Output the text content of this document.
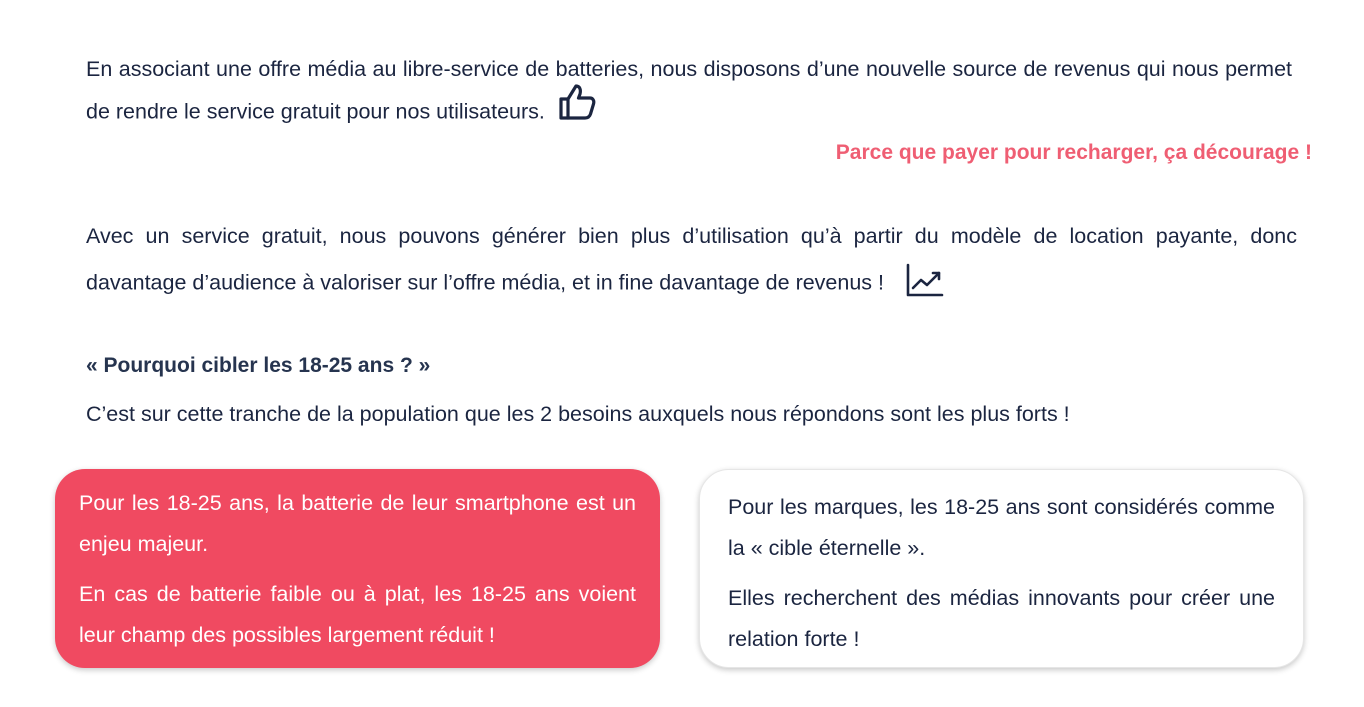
En associant une offre média au libre-service de batteries, nous disposons d’une nouvelle source de revenus qui nous permet de rendre le service gratuit pour nos utilisateurs.

Parce que payer pour recharger, ça décourage !

Avec un service gratuit, nous pouvons générer bien plus d’utilisation qu’à partir du modèle de location payante, donc davantage d’audience à valoriser sur l’offre média, et in fine davantage de revenus !

« Pourquoi cibler les 18-25 ans ? »

C’est sur cette tranche de la population que les 2 besoins auxquels nous répondons sont les plus forts !

Pour les 18-25 ans, la batterie de leur smartphone est un enjeu majeur.

En cas de batterie faible ou à plat, les 18-25 ans voient leur champ des possibles largement réduit !

Pour les marques, les 18-25 ans sont considérés comme la « cible éternelle ».

Elles recherchent des médias innovants pour créer une relation forte !
